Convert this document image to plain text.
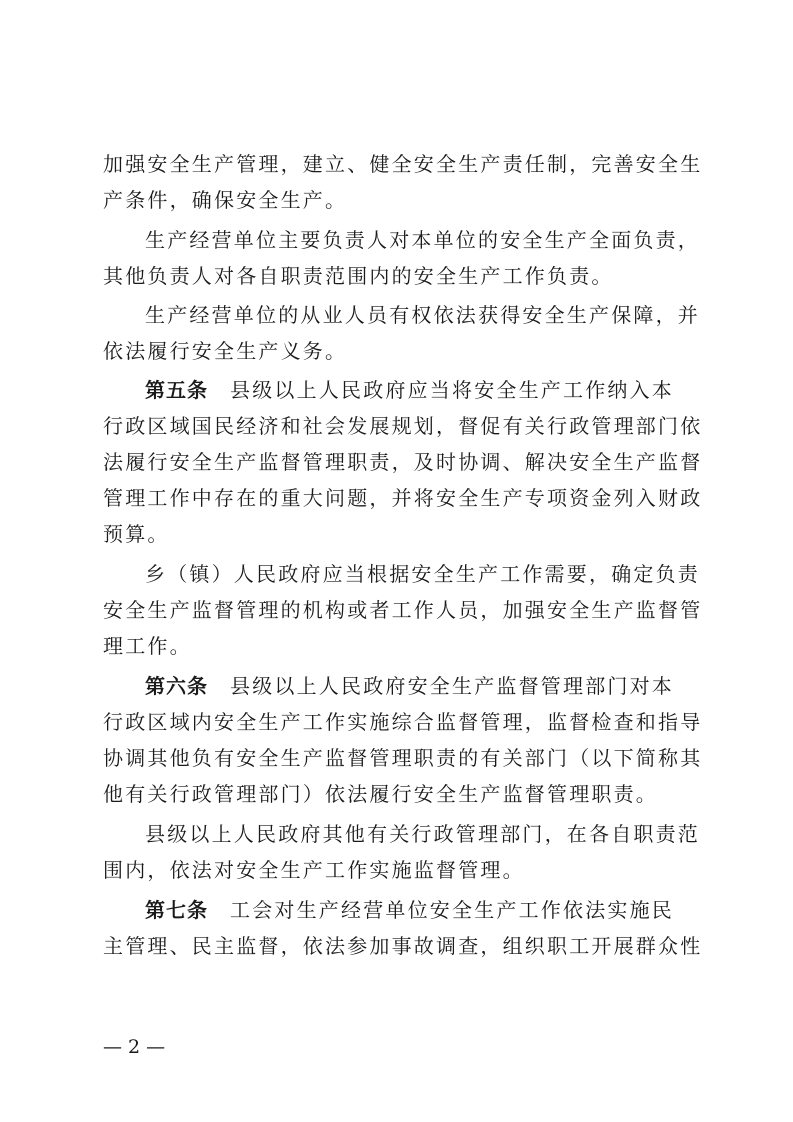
加强安全生产管理，建立、健全安全生产责任制，完善安全生
产条件，确保安全生产。
生产经营单位主要负责人对本单位的安全生产全面负责，
其他负责人对各自职责范围内的安全生产工作负责。
生产经营单位的从业人员有权依法获得安全生产保障，并
依法履行安全生产义务。
第五条 县级以上人民政府应当将安全生产工作纳入本
行政区域国民经济和社会发展规划，督促有关行政管理部门依
法履行安全生产监督管理职责，及时协调、解决安全生产监督
管理工作中存在的重大问题，并将安全生产专项资金列入财政
预算。
乡（镇）人民政府应当根据安全生产工作需要，确定负责
安全生产监督管理的机构或者工作人员，加强安全生产监督管
理工作。
第六条 县级以上人民政府安全生产监督管理部门对本
行政区域内安全生产工作实施综合监督管理，监督检查和指导
协调其他负有安全生产监督管理职责的有关部门（以下简称其
他有关行政管理部门）依法履行安全生产监督管理职责。
县级以上人民政府其他有关行政管理部门，在各自职责范
围内，依法对安全生产工作实施监督管理。
第七条 工会对生产经营单位安全生产工作依法实施民
主管理、民主监督，依法参加事故调查，组织职工开展群众性
— 2 —
